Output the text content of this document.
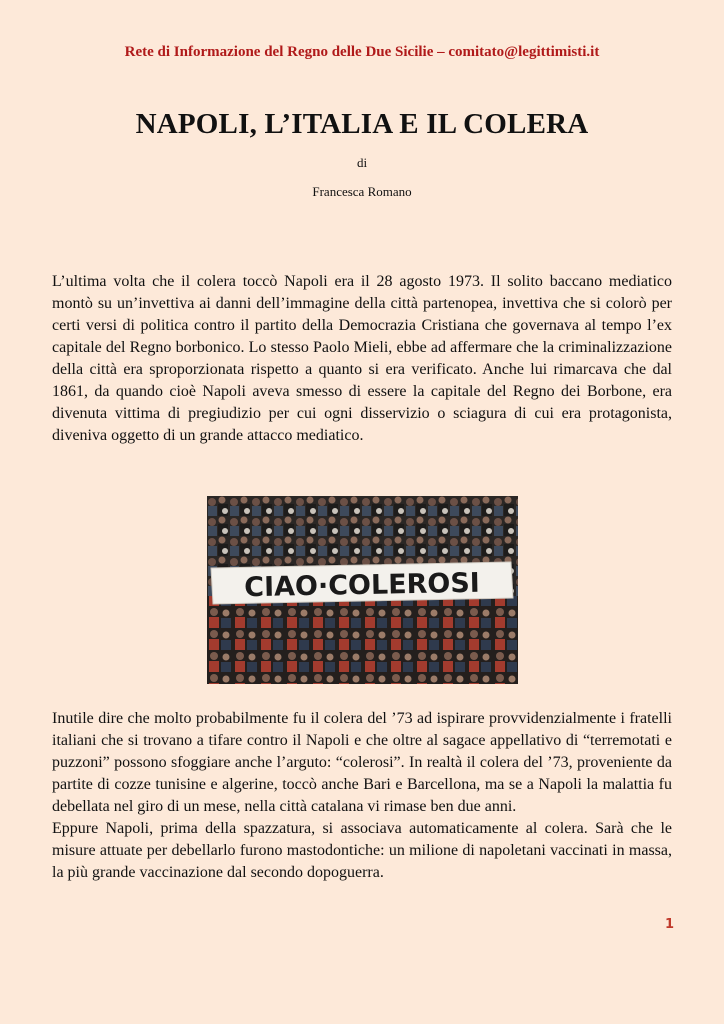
Rete di Informazione del Regno delle Due Sicilie – comitato@legittimisti.it
NAPOLI, L’ITALIA E IL COLERA
di
Francesca Romano

L’ultima volta che il colera toccò Napoli era il 28 agosto 1973. Il solito baccano mediatico montò su un’invettiva ai danni dell’immagine della città partenopea, invettiva che si colorò per certi versi di politica contro il partito della Democrazia Cristiana che governava al tempo l’ex capitale del Regno borbonico. Lo stesso Paolo Mieli, ebbe ad affermare che la criminalizzazione della città era sproporzionata rispetto a quanto si era verificato. Anche lui rimarcava che dal 1861, da quando cioè Napoli aveva smesso di essere la capitale del Regno dei Borbone, era divenuta vittima di pregiudizio per cui ogni disservizio o sciagura di cui era protagonista, diveniva oggetto di un grande attacco mediatico.

CIAO·COLEROSI

Inutile dire che molto probabilmente fu il colera del ’73 ad ispirare provvidenzialmente i fratelli italiani che si trovano a tifare contro il Napoli e che oltre al sagace appellativo di “terremotati e puzzoni” possono sfoggiare anche l’arguto: “colerosi”. In realtà il colera del ’73, proveniente da partite di cozze tunisine e algerine, toccò anche Bari e Barcellona, ma se a Napoli la malattia fu debellata nel giro di un mese, nella città catalana vi rimase ben due anni.

Eppure Napoli, prima della spazzatura, si associava automaticamente al colera. Sarà che le misure attuate per debellarlo furono mastodontiche: un milione di napoletani vaccinati in massa, la più grande vaccinazione dal secondo dopoguerra.

1
